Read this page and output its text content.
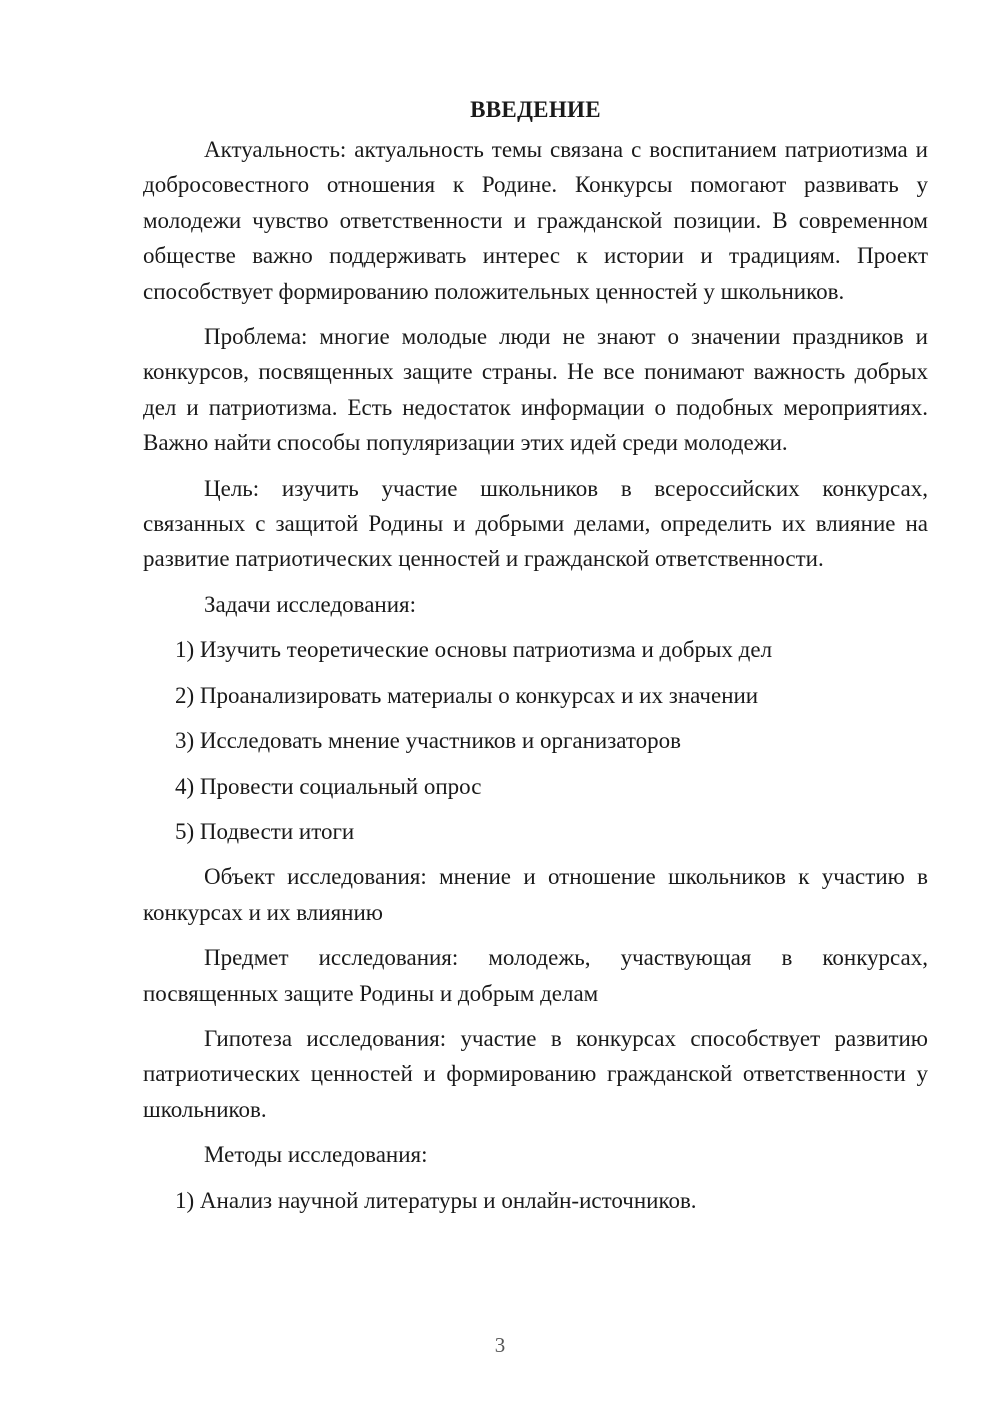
ВВЕДЕНИЕ

Актуальность: актуальность темы связана с воспитанием патриотизма и добросовестного отношения к Родине. Конкурсы помогают развивать у молодежи чувство ответственности и гражданской позиции. В современном обществе важно поддерживать интерес к истории и традициям. Проект способствует формированию положительных ценностей у школьников.

Проблема: многие молодые люди не знают о значении праздников и конкурсов, посвященных защите страны. Не все понимают важность добрых дел и патриотизма. Есть недостаток информации о подобных мероприятиях. Важно найти способы популяризации этих идей среди молодежи.

Цель: изучить участие школьников в всероссийских конкурсах, связанных с защитой Родины и добрыми делами, определить их влияние на развитие патриотических ценностей и гражданской ответственности.

Задачи исследования:
1) Изучить теоретические основы патриотизма и добрых дел
2) Проанализировать материалы о конкурсах и их значении
3) Исследовать мнение участников и организаторов
4) Провести социальный опрос
5) Подвести итоги

Объект исследования: мнение и отношение школьников к участию в конкурсах и их влиянию

Предмет исследования: молодежь, участвующая в конкурсах, посвященных защите Родины и добрым делам

Гипотеза исследования: участие в конкурсах способствует развитию патриотических ценностей и формированию гражданской ответственности у школьников.

Методы исследования:
1) Анализ научной литературы и онлайн-источников.
3
